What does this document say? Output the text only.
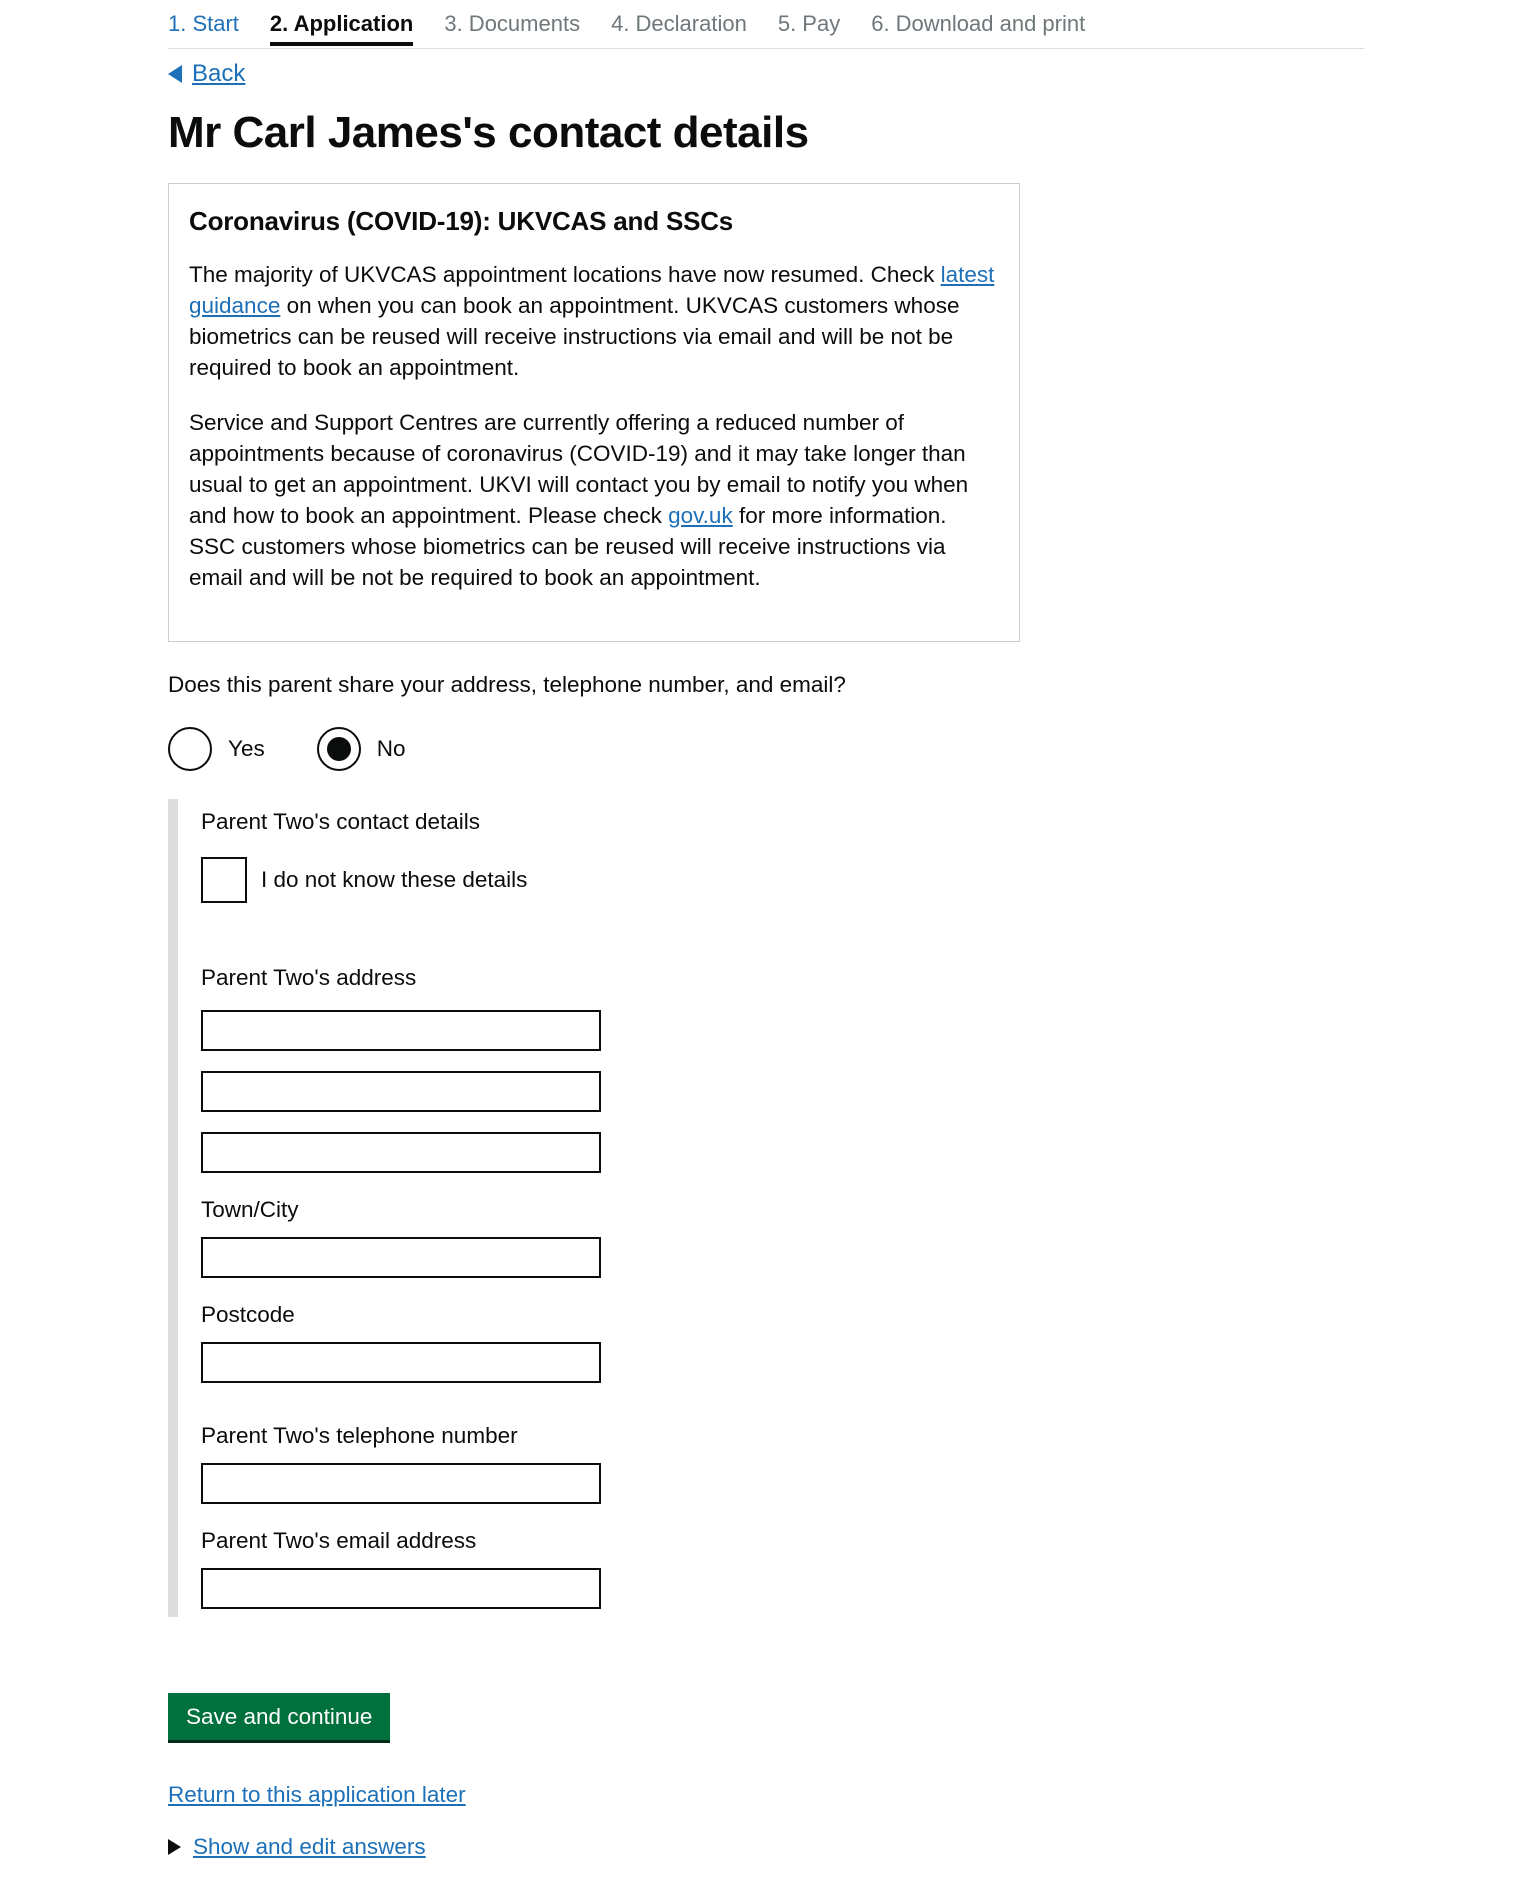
1. Start 2. Application 3. Documents 4. Declaration 5. Pay 6. Download and print
Back
Mr Carl James's contact details
Coronavirus (COVID-19): UKVCAS and SSCs

The majority of UKVCAS appointment locations have now resumed. Check latest guidance on when you can book an appointment. UKVCAS customers whose biometrics can be reused will receive instructions via email and will be not be required to book an appointment.

Service and Support Centres are currently offering a reduced number of appointments because of coronavirus (COVID-19) and it may take longer than usual to get an appointment. UKVI will contact you by email to notify you when and how to book an appointment. Please check gov.uk for more information. SSC customers whose biometrics can be reused will receive instructions via email and will be not be required to book an appointment.

Does this parent share your address, telephone number, and email?
Yes	No
Parent Two's contact details
I do not know these details
Parent Two's address
Town/City
Postcode
Parent Two's telephone number
Parent Two's email address
Save and continue
Return to this application later
Show and edit answers
